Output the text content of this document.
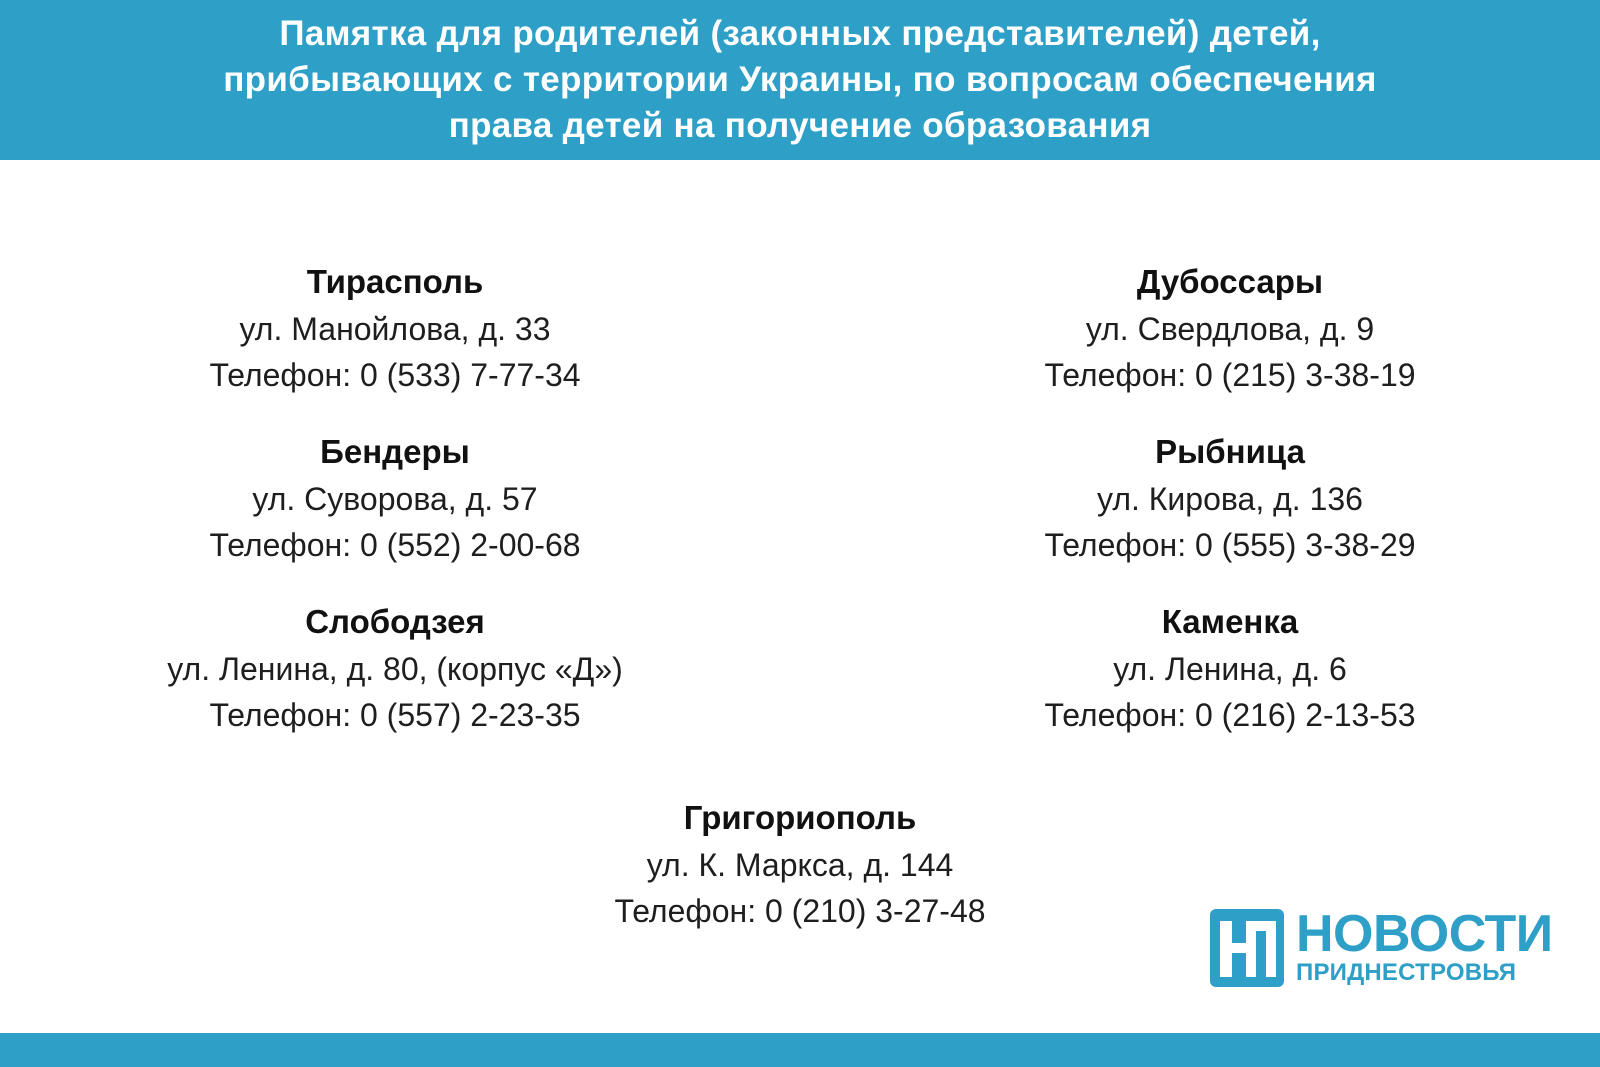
Памятка для родителей (законных представителей) детей,
прибывающих с территории Украины, по вопросам обеспечения
права детей на получение образования
Тирасполь
ул. Манойлова, д. 33
Телефон: 0 (533) 7-77-34
Бендеры
ул. Суворова, д. 57
Телефон: 0 (552) 2-00-68
Слободзея
ул. Ленина, д. 80, (корпус «Д»)
Телефон: 0 (557) 2-23-35
Дубоссары
ул. Свердлова, д. 9
Телефон: 0 (215) 3-38-19
Рыбница
ул. Кирова, д. 136
Телефон: 0 (555) 3-38-29
Каменка
ул. Ленина, д. 6
Телефон: 0 (216) 2-13-53
Григориополь
ул. К. Маркса, д. 144
Телефон: 0 (210) 3-27-48	НОВОСТИ
ПРИДНЕСТРОВЬЯ
